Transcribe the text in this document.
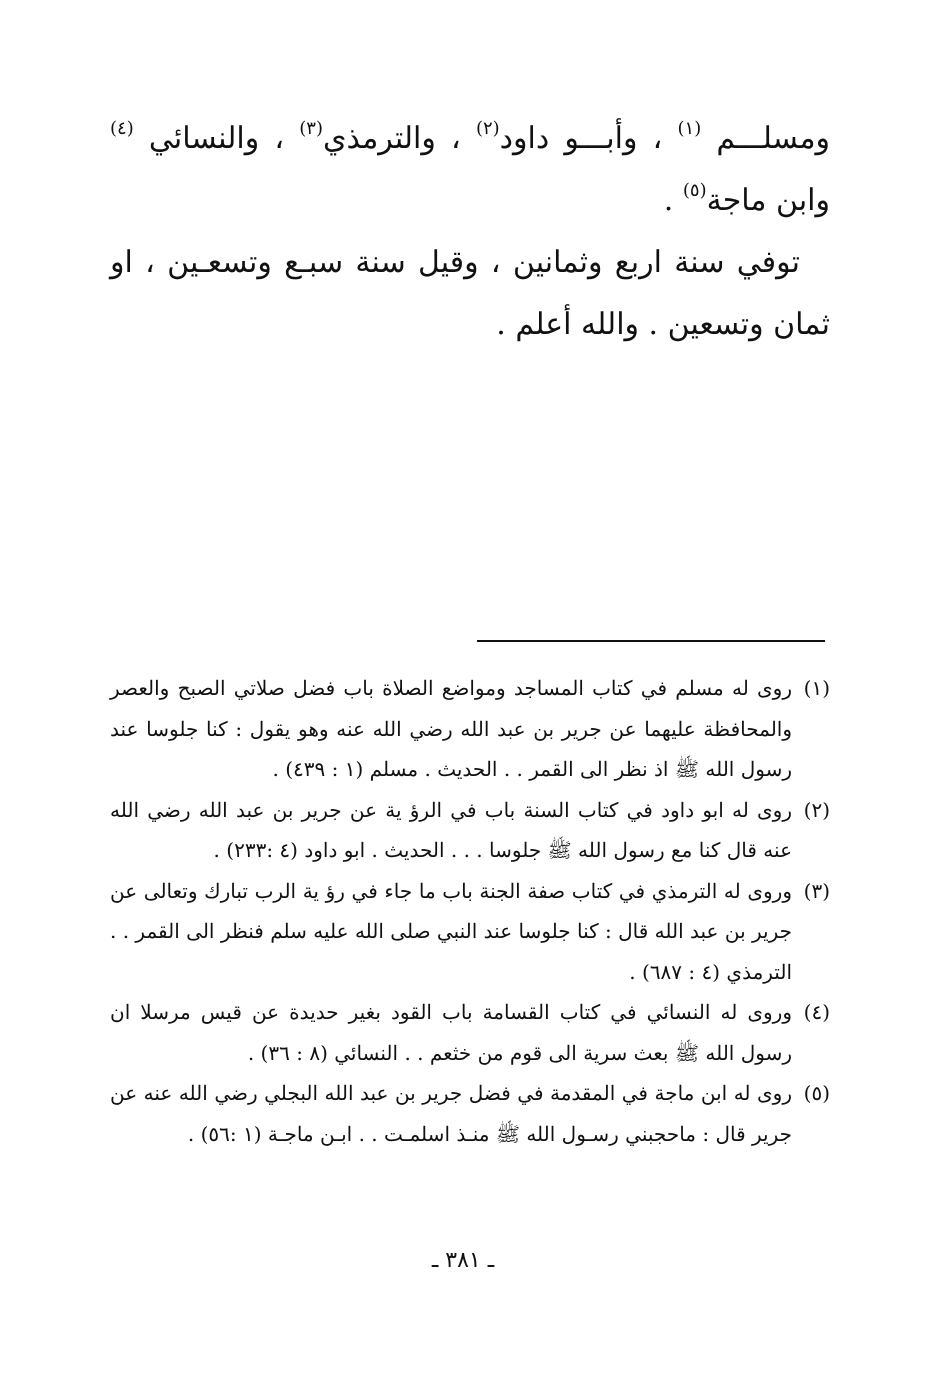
ومسلـــم $^{(١)}$ ، وأبـــو داود$^{(٢)}$ ، والترمذي$^{(٣)}$ ، والنسائي $^{(٤)}$ وابن ماجة$^{(٥)}$ .

توفي سنة اربع وثمانين ، وقيل سنة سبـع وتسعـين ، او ثمان وتسعين . والله أعلم .

(١)
روى له مسلم في كتاب المساجد ومواضع الصلاة باب فضل صلاتي الصبح والعصر والمحافظة عليهما عن جرير بن عبد الله رضي الله عنه وهو يقول : كنا جلوسا عند رسول الله ﷺ اذ نظر الى القمر . . الحديث . مسلم (١ : ٤٣٩) .

(٢)
روى له ابو داود في كتاب السنة باب في الرؤ ية عن جرير بن عبد الله رضي الله عنه قال كنا مع رسول الله ﷺ جلوسا . . . الحديث . ابو داود (٤ :٢٣٣) .

(٣)
وروى له الترمذي في كتاب صفة الجنة باب ما جاء في رؤ ية الرب تبارك وتعالى عن جرير بن عبد الله قال : كنا جلوسا عند النبي صلى الله عليه سلم فنظر الى القمر . . الترمذي (٤ : ٦٨٧) .

(٤)
وروى له النسائي في كتاب القسامة باب القود بغير حديدة عن قيس مرسلا ان رسول الله ﷺ بعث سرية الى قوم من خثعم . . النسائي (٨ : ٣٦) .

(٥)
روى له ابن ماجة في المقدمة في فضل جرير بن عبد الله البجلي رضي الله عنه عن جرير قال : ماحجبني رسـول الله ﷺ منـذ اسلمـت . . ابـن ماجـة (١ :٥٦) .

ـ ٣٨١ ـ
